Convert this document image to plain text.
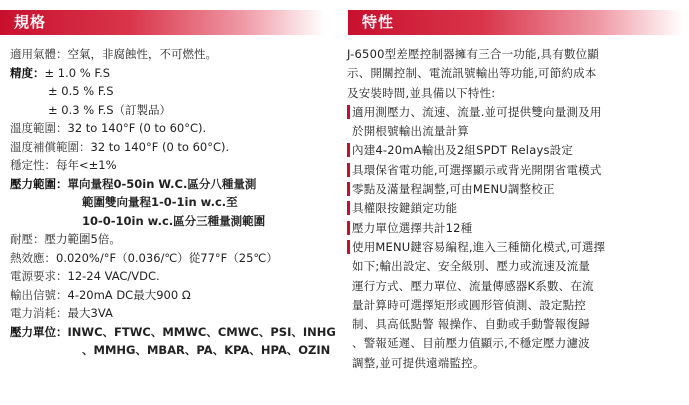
規格	特性
適用氣體：空氣，非腐蝕性，不可燃性。
精度：± 1.0 % F.S
± 0.5 % F.S
± 0.3 % F.S（訂製品）
溫度範圍：32 to 140°F (0 to 60°C).
溫度補償範圍：32 to 140°F (0 to 60°C).
穩定性：每年<±1%
壓力範圍：單向量程0-50in W.C.區分八種量測
範圍雙向量程1-0-1in w.c.至
10-0-10in w.c.區分三種量測範圍
耐壓：壓力範圍5倍。
熱效應：0.020%/°F（0.036/℃）從77°F（25℃）
電源要求：12-24 VAC/VDC.
輸出信號：4-20mA DC最大900 Ω
電力消耗：最大3VA
壓力單位：INWC、FTWC、MMWC、CMWC、PSI、INHG
、MMHG、MBAR、PA、KPA、HPA、OZIN
J-6500型差壓控制器擁有三合一功能,具有數位顯
示、開關控制、電流訊號輸出等功能,可節約成本
及安裝時間,並具備以下特性:
適用測壓力、流速、流量.並可提供雙向量測及用
於開根號輸出流量計算
內建4-20mA輸出及2組SPDT Relays設定
具環保省電功能,可選擇顯示或背光開閉省電模式
零點及滿量程調整,可由MENU調整校正
具權限按鍵鎖定功能
壓力單位選擇共計12種
使用MENU鍵容易編程,進入三種簡化模式,可選擇
如下;輸出設定、安全級別、壓力或流速及流量
運行方式、壓力單位、流量傳感器K系數、在流
量計算時可選擇矩形或圓形管偵測、設定點控
制、具高低點警 報操作、自動或手動警報復歸
、警報延遲、目前壓力值顯示,不穩定壓力濾波
調整,並可提供遠端監控。
